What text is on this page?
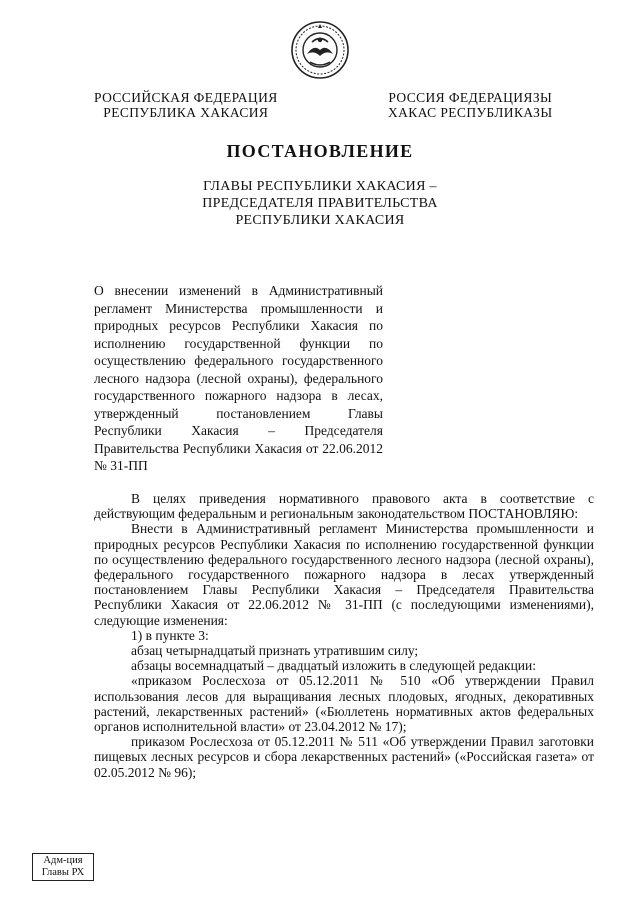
РОССИЙСКАЯ ФЕДЕРАЦИЯ
РЕСПУБЛИКА ХАКАСИЯ
РОССИЯ ФЕДЕРАЦИЯЗЫ
ХАКАС РЕСПУБЛИКАЗЫ
ПОСТАНОВЛЕНИЕ
ГЛАВЫ РЕСПУБЛИКИ ХАКАСИЯ –
ПРЕДСЕДАТЕЛЯ ПРАВИТЕЛЬСТВА
РЕСПУБЛИКИ ХАКАСИЯ
О внесении изменений в Административный регламент Министерства промышленности и природных ресурсов Республики Хакасия по исполнению государственной функции по осуществлению федерального государственного лесного надзора (лесной охраны), федерального государственного пожарного надзора в лесах, утвержденный постановлением Главы Республики Хакасия – Председателя Правительства Республики Хакасия от 22.06.2012 № 31-ПП

В целях приведения нормативного правового акта в соответствие с действующим федеральным и региональным законодательством ПОСТАНОВЛЯЮ:

Внести в Административный регламент Министерства промышленности и природных ресурсов Республики Хакасия по исполнению государственной функции по осуществлению федерального государственного лесного надзора (лесной охраны), федерального государственного пожарного надзора в лесах утвержденный постановлением Главы Республики Хакасия – Председателя Правительства Республики Хакасия от 22.06.2012 № 31-ПП (с последующими изменениями), следующие изменения:

1) в пункте 3:

абзац четырнадцатый признать утратившим силу;

абзацы восемнадцатый – двадцатый изложить в следующей редакции:

«приказом Рослесхоза от 05.12.2011 № 510 «Об утверждении Правил использования лесов для выращивания лесных плодовых, ягодных, декоративных растений, лекарственных растений» («Бюллетень нормативных актов федеральных органов исполнительной власти» от 23.04.2012 № 17);

приказом Рослесхоза от 05.12.2011 № 511 «Об утверждении Правил заготовки пищевых лесных ресурсов и сбора лекарственных растений» («Российская газета» от 02.05.2012 № 96);

Адм-ция
Главы РХ
